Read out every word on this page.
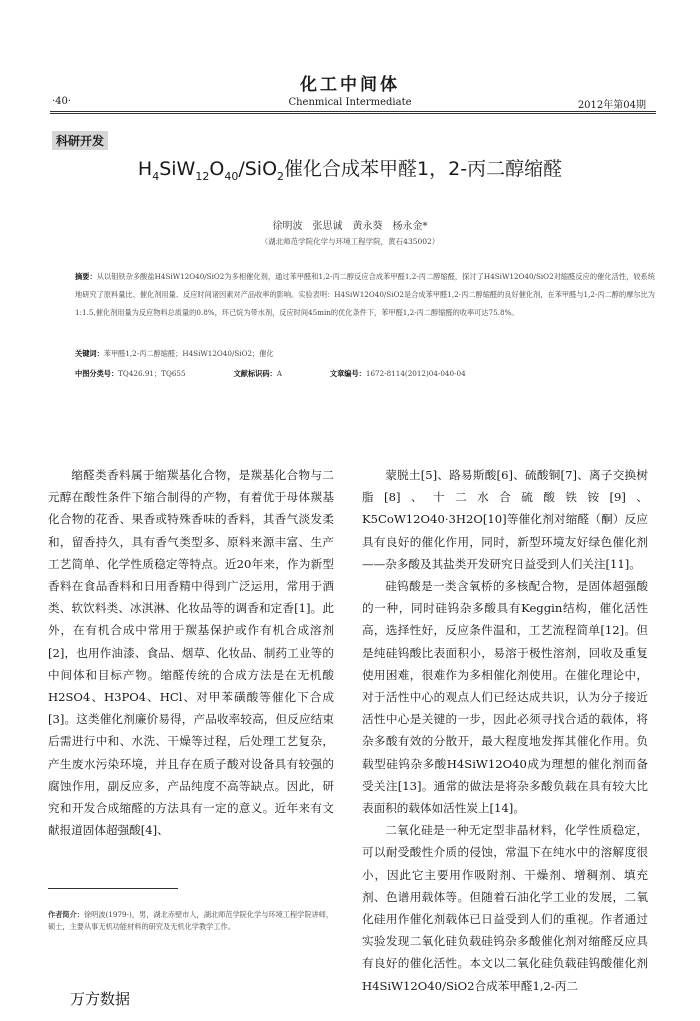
化工中间体
·40·	Chenmical Intermediate	2012年第04期
科研开发
$H_4SiW_{12}O_{40}/SiO_2$催化合成苯甲醛1，2-丙二醇缩醛
徐明波　张思诚　黄永葵　杨永金*
（湖北师范学院化学与环境工程学院，黄石435002）
摘要：从以钼铁杂多酸盐H4SiW12O40/SiO2为多相催化剂，通过苯甲醛和1,2-丙二醇反应合成苯甲醛1,2-丙二醇缩醛，探讨了H4SiW12O40/SiO2对缩醛反应的催化活性，较系统地研究了原料量比、催化剂用量、反应时间诸因素对产品收率的影响。实验表明：H4SiW12O40/SiO2是合成苯甲醛1,2-丙二醇缩醛的良好催化剂，在苯甲醛与1,2-丙二醇的摩尔比为1:1.5,催化剂用量为反应物料总质量的0.8%，环己烷为带水剂，反应时间45min的优化条件下，苯甲醛1,2-丙二醇缩醛的收率可达75.8%。
关键词：苯甲醛1,2-丙二醇缩醛；H4SiW12O40/SiO2；催化
中图分类号：TQ426.91；TQ655	文献标识码：A	文章编号：1672-8114(2012)04-040-04

缩醛类香料属于缩羰基化合物，是羰基化合物与二元醇在酸性条件下缩合制得的产物，有着优于母体羰基化合物的花香、果香或特殊香味的香料，其香气淡发柔和，留香持久，具有香气类型多、原料来源丰富、生产工艺简单、化学性质稳定等特点。近20年来，作为新型香料在食品香料和日用香精中得到广泛运用，常用于酒类、软饮料类、冰淇淋、化妆品等的调香和定香[1]。此外，在有机合成中常用于羰基保护或作有机合成溶剂[2]，也用作油漆、食品、烟草、化妆品、制药工业等的中间体和目标产物。缩醛传统的合成方法是在无机酸H2SO4、H3PO4、HCl、对甲苯磺酸等催化下合成[3]。这类催化剂廉价易得，产品收率较高，但反应结束后需进行中和、水洗、干燥等过程，后处理工艺复杂，产生废水污染环境，并且存在质子酸对设备具有较强的腐蚀作用，副反应多，产品纯度不高等缺点。因此，研究和开发合成缩醛的方法具有一定的意义。近年来有文献报道固体超强酸[4]、

蒙脱土[5]、路易斯酸[6]、硫酸铜[7]、离子交换树脂[8]、十二水合硫酸铁铵[9]、K5CoW12O40·3H2O[10]等催化剂对缩醛（酮）反应具有良好的催化作用，同时，新型环境友好绿色催化剂——杂多酸及其盐类开发研究日益受到人们关注[11]。

硅钨酸是一类含氧桥的多核配合物，是固体超强酸的一种，同时硅钨杂多酸具有Keggin结构，催化活性高，选择性好，反应条件温和，工艺流程简单[12]。但是纯硅钨酸比表面积小，易溶于极性溶剂，回收及重复使用困难，很难作为多相催化剂使用。在催化理论中，对于活性中心的观点人们已经达成共识，认为分子接近活性中心是关键的一步，因此必须寻找合适的载体，将杂多酸有效的分散开，最大程度地发挥其催化作用。负载型硅钨杂多酸H4SiW12O40成为理想的催化剂而备受关注[13]。通常的做法是将杂多酸负载在具有较大比表面积的载体如活性炭上[14]。

二氧化硅是一种无定型非晶材料，化学性质稳定，可以耐受酸性介质的侵蚀，常温下在纯水中的溶解度很小，因此它主要用作吸附剂、干燥剂、增稠剂、填充剂、色谱用载体等。但随着石油化学工业的发展，二氧化硅用作催化剂载体已日益受到人们的重视。作者通过实验发现二氧化硅负载硅钨杂多酸催化剂对缩醛反应具有良好的催化活性。本文以二氧化硅负载硅钨酸催化剂H4SiW12O40/SiO2合成苯甲醛1,2-丙二

作者简介：徐明波(1979-)，男，湖北赤壁市人，湖北师范学院化学与环境工程学院讲师，硕士，主要从事无机功能材料的研究及无机化学教学工作。
万方数据
